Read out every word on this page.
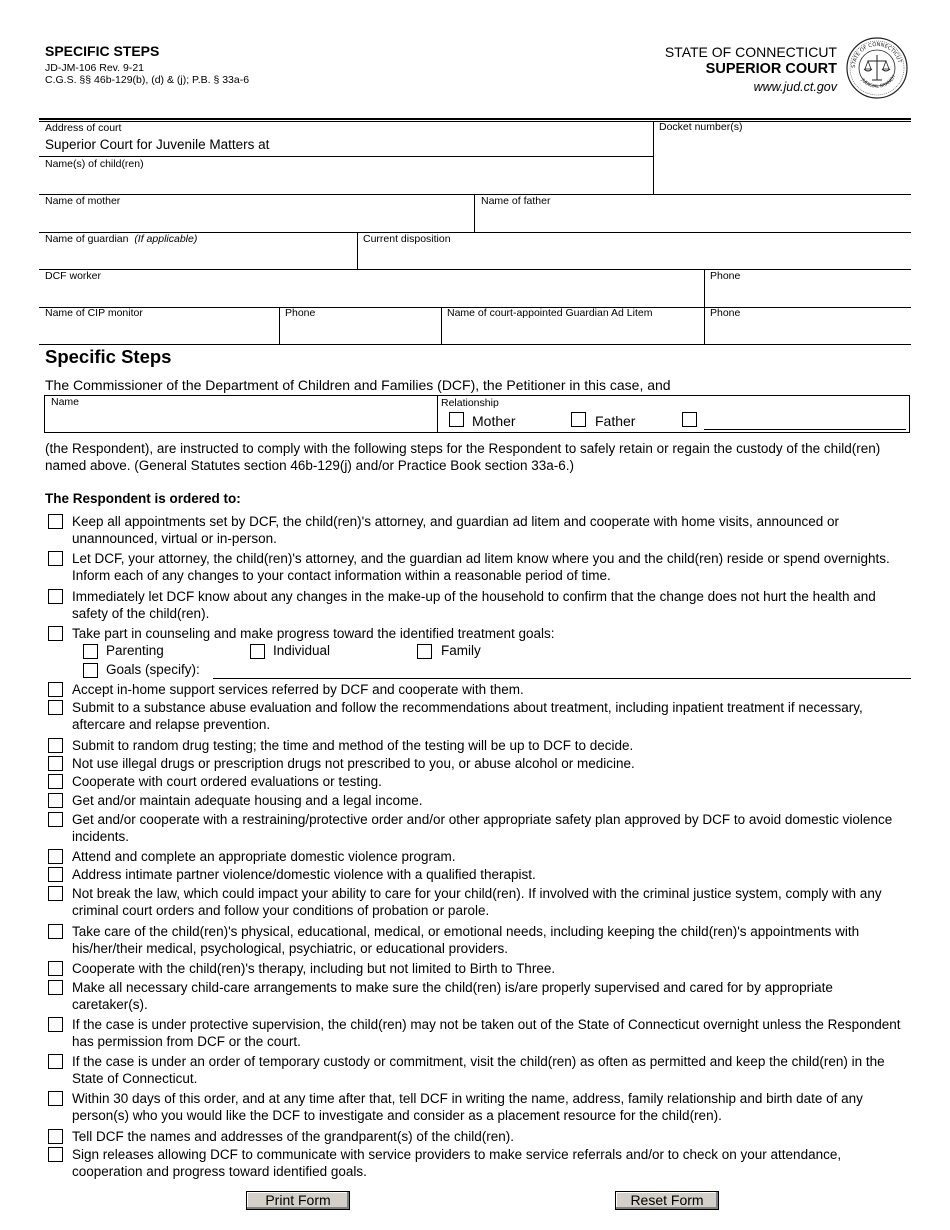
SPECIFIC STEPS
JD-JM-106 Rev. 9-21
C.G.S. §§ 46b-129(b), (d) & (j); P.B. § 33a-6
STATE OF CONNECTICUT
SUPERIOR COURT
www.jud.ct.gov
STATE OF CONNECTICUT
JUDICIAL BRANCH
Address of court
Superior Court for Juvenile Matters at
Docket number(s)
Name(s) of child(ren)
Name of mother	Name of father
Name of guardian (If applicable)	Current disposition
DCF worker	Phone
Name of CIP monitor	Phone	Name of court-appointed Guardian Ad Litem	Phone
Specific Steps
The Commissioner of the Department of Children and Families (DCF), the Petitioner in this case, and
Name	Relationship
Mother	Father
(the Respondent), are instructed to comply with the following steps for the Respondent to safely retain or regain the custody of the child(ren) named above. (General Statutes section 46b-129(j) and/or Practice Book section 33a-6.)
The Respondent is ordered to:
Keep all appointments set by DCF, the child(ren)'s attorney, and guardian ad litem and cooperate with home visits, announced or unannounced, virtual or in-person.
Let DCF, your attorney, the child(ren)'s attorney, and the guardian ad litem know where you and the child(ren) reside or spend overnights. Inform each of any changes to your contact information within a reasonable period of time.
Immediately let DCF know about any changes in the make-up of the household to confirm that the change does not hurt the health and safety of the child(ren).
Take part in counseling and make progress toward the identified treatment goals:
Accept in-home support services referred by DCF and cooperate with them.
Submit to a substance abuse evaluation and follow the recommendations about treatment, including inpatient treatment if necessary, aftercare and relapse prevention.
Submit to random drug testing; the time and method of the testing will be up to DCF to decide.
Not use illegal drugs or prescription drugs not prescribed to you, or abuse alcohol or medicine.
Cooperate with court ordered evaluations or testing.
Get and/or maintain adequate housing and a legal income.
Get and/or cooperate with a restraining/protective order and/or other appropriate safety plan approved by DCF to avoid domestic violence incidents.
Attend and complete an appropriate domestic violence program.
Address intimate partner violence/domestic violence with a qualified therapist.
Not break the law, which could impact your ability to care for your child(ren). If involved with the criminal justice system, comply with any criminal court orders and follow your conditions of probation or parole.
Take care of the child(ren)'s physical, educational, medical, or emotional needs, including keeping the child(ren)'s appointments with his/her/their medical, psychological, psychiatric, or educational providers.
Cooperate with the child(ren)'s therapy, including but not limited to Birth to Three.
Make all necessary child-care arrangements to make sure the child(ren) is/are properly supervised and cared for by appropriate caretaker(s).
If the case is under protective supervision, the child(ren) may not be taken out of the State of Connecticut overnight unless the Respondent has permission from DCF or the court.
If the case is under an order of temporary custody or commitment, visit the child(ren) as often as permitted and keep the child(ren) in the State of Connecticut.
Within 30 days of this order, and at any time after that, tell DCF in writing the name, address, family relationship and birth date of any person(s) who you would like the DCF to investigate and consider as a placement resource for the child(ren).
Tell DCF the names and addresses of the grandparent(s) of the child(ren).
Sign releases allowing DCF to communicate with service providers to make service referrals and/or to check on your attendance, cooperation and progress toward identified goals.
Parenting	Individual	Family
Goals (specify):
Print Form	Reset Form
